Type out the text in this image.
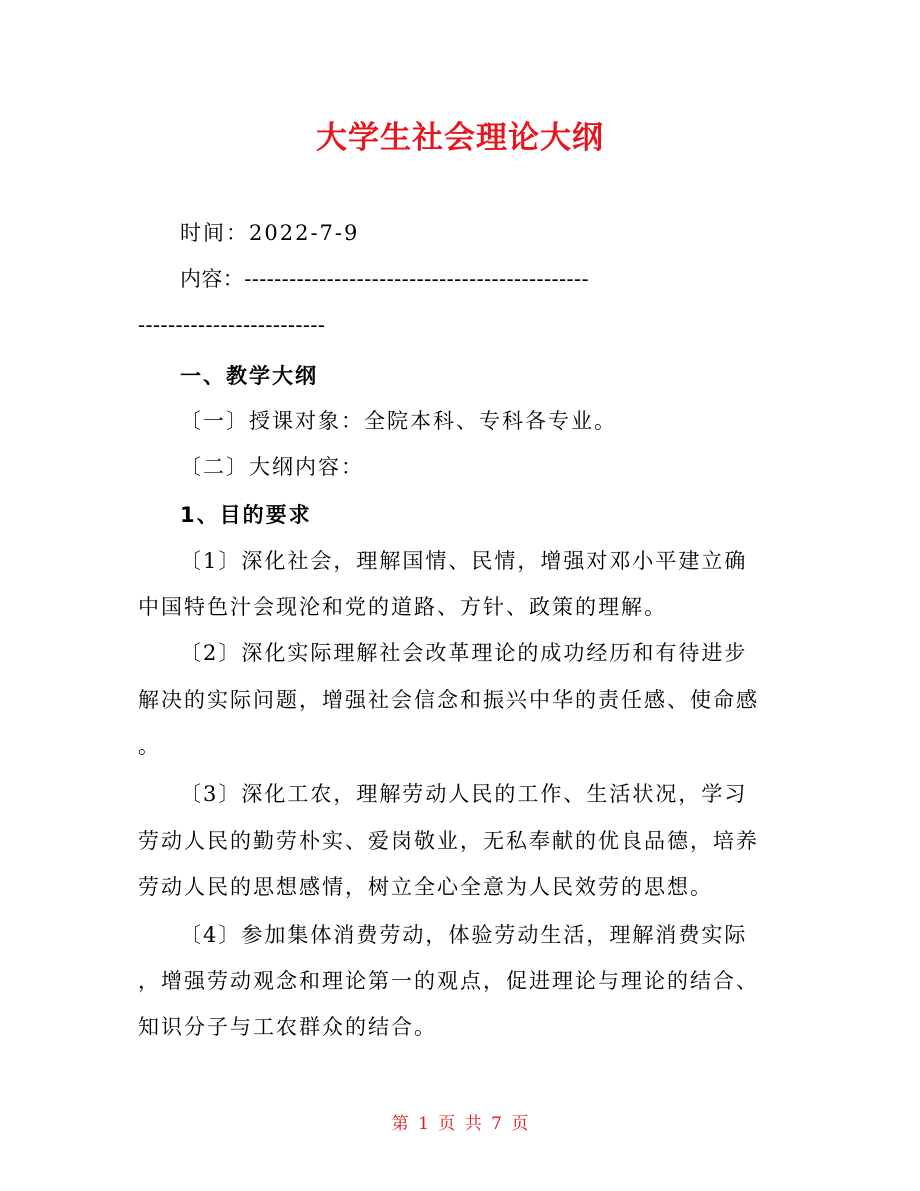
大学生社会理论大纲
时间：2022-7-9
内容：----------------------------------------------
-------------------------
一、教学大纲
〔一〕授课对象：全院本科、专科各专业。
〔二〕大纲内容：
1、目的要求
〔1〕深化社会，理解国情、民情，增强对邓小平建立确
中国特色汁会现沦和党的道路、方针、政策的理解。
〔2〕深化实际理解社会改革理论的成功经历和有待进步
解决的实际问题，增强社会信念和振兴中华的责任感、使命感
。
〔3〕深化工农，理解劳动人民的工作、生活状况，学习
劳动人民的勤劳朴实、爱岗敬业，无私奉献的优良品德，培养
劳动人民的思想感情，树立全心全意为人民效劳的思想。
〔4〕参加集体消费劳动，体验劳动生活，理解消费实际
，增强劳动观念和理论第一的观点，促进理论与理论的结合、
知识分子与工农群众的结合。
第 1 页 共 7 页
